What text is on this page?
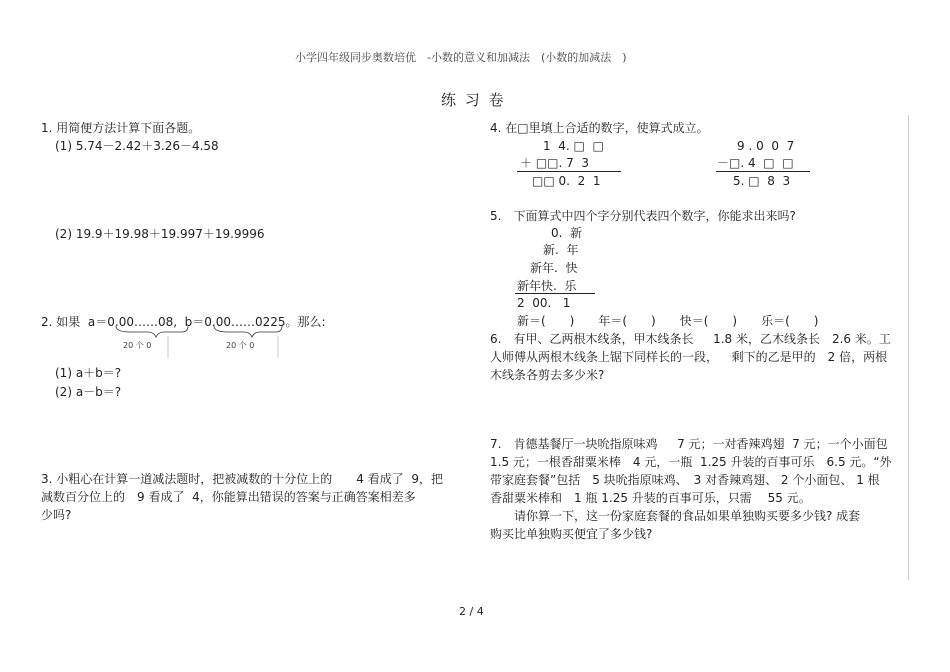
小学四年级同步奥数培优　-小数的意义和加减法　(小数的加减法　)
练 习 卷
1. 用简便方法计算下面各题。
(1) 5.74－2.42＋3.26－4.58
(2) 19.9＋19.98＋19.997＋19.9996
2. 如果  a＝0.00……08,  b＝0.00……0225。那么:
20 个 0	20 个 0
(1) a＋b＝?
(2) a－b＝?
3. 小粗心在计算一道减法题时，把被减数的十分位上的　　4 看成了  9，把
减数百分位上的　9 看成了  4，你能算出错误的答案与正确答案相差多
少吗?
4. 在□里填上合适的数字，使算式成立。
1  4. □  □
＋ □□. 7  3
□□ 0.  2  1
9 . 0  0  7
－□. 4  □  □
5. □  8  3
5.　下面算式中四个字分别代表四个数字，你能求出来吗?
0.  新
新.  年
新年.  快
新年快.  乐
2  00.   1
新＝(　　)　　年＝(　　)　　快＝(　　)　　乐＝(　　)
6.　有甲、乙两根木线条，甲木线条长　  1.8 米，乙木线条长　2.6 米。工
人师傅从两根木线条上锯下同样长的一段，　  剩下的乙是甲的　2 倍，两根
木线条各剪去多少米?
7.　肯德基餐厅一块吮指原味鸡　  7 元；一对香辣鸡翅  7 元；一个小面包
1.5 元；一根香甜粟米棒　4 元，一瓶  1.25 升装的百事可乐　6.5 元。“外
带家庭套餐”包括　5 块吮指原味鸡、　3 对香辣鸡翅、 2 个小面包、 1 根
香甜粟米棒和　1 瓶 1.25 升装的百事可乐，只需　 55 元。
　　请你算一下，这一份家庭套餐的食品如果单独购买要多少钱? 成套
购买比单独购买便宜了多少钱?
2 / 4
